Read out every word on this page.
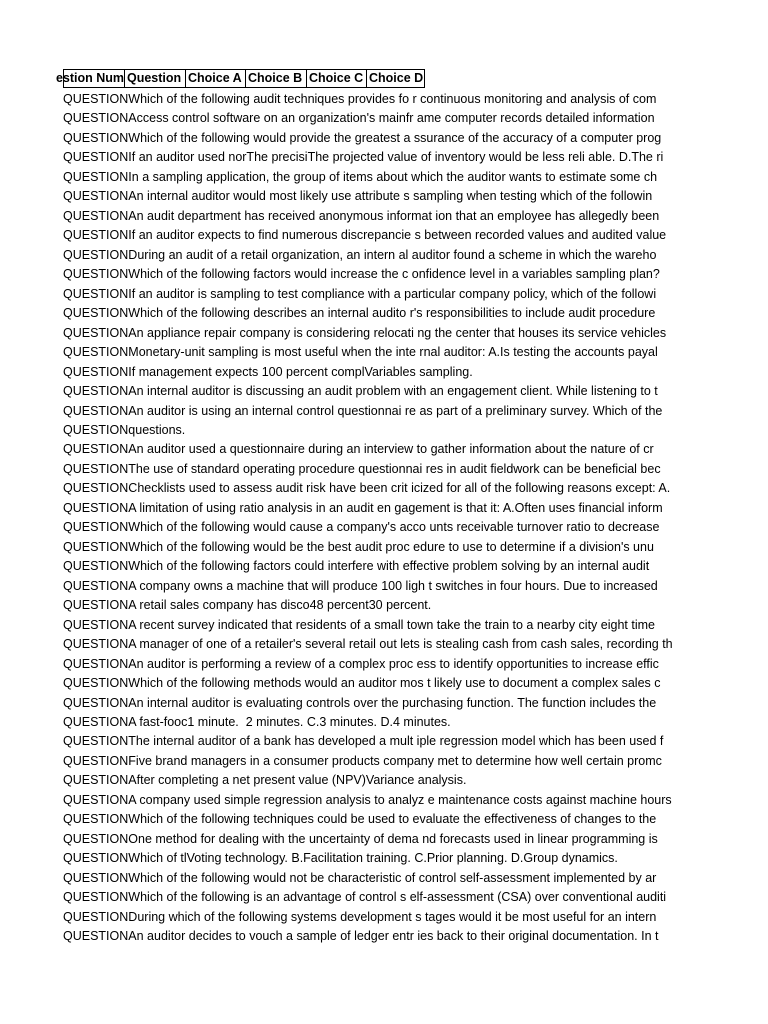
estion Num Question Choice A Choice B Choice C Choice D
QUESTIONWhich of the following audit techniques provides fo r continuous monitoring and analysis of com
QUESTIONAccess control software on an organization's mainfr ame computer records detailed information
QUESTIONWhich of the following would provide the greatest a ssurance of the accuracy of a computer prog
QUESTIONIf an auditor used norThe precisiThe projected value of inventory would be less reli able. D.The ri
QUESTIONIn a sampling application, the group of items about which the auditor wants to estimate some ch
QUESTIONAn internal auditor would most likely use attribute s sampling when testing which of the followin
QUESTIONAn audit department has received anonymous informat ion that an employee has allegedly been
QUESTIONIf an auditor expects to find numerous discrepancie s between recorded values and audited value
QUESTIONDuring an audit of a retail organization, an intern al auditor found a scheme in which the wareho
QUESTIONWhich of the following factors would increase the c onfidence level in a variables sampling plan?
QUESTIONIf an auditor is sampling to test compliance with a particular company policy, which of the followi
QUESTIONWhich of the following describes an internal audito r's responsibilities to include audit procedure
QUESTIONAn appliance repair company is considering relocati ng the center that houses its service vehicles
QUESTIONMonetary-unit sampling is most useful when the inte rnal auditor: A.Is testing the accounts payal
QUESTIONIf management expects 100 percent complVariables sampling.
QUESTIONAn internal auditor is discussing an audit problem with an engagement client. While listening to t
QUESTIONAn auditor is using an internal control questionnai re as part of a preliminary survey. Which of the
QUESTIONquestions.
QUESTIONAn auditor used a questionnaire during an interview to gather information about the nature of cr
QUESTIONThe use of standard operating procedure questionnai res in audit fieldwork can be beneficial bec
QUESTIONChecklists used to assess audit risk have been crit icized for all of the following reasons except: A.
QUESTIONA limitation of using ratio analysis in an audit en gagement is that it: A.Often uses financial inform
QUESTIONWhich of the following would cause a company's acco unts receivable turnover ratio to decrease
QUESTIONWhich of the following would be the best audit proc edure to use to determine if a division's unu
QUESTIONWhich of the following factors could interfere with effective problem solving by an internal audit
QUESTIONA company owns a machine that will produce 100 ligh t switches in four hours. Due to increased
QUESTIONA retail sales company has disco48 percent30 percent.
QUESTIONA recent survey indicated that residents of a small town take the train to a nearby city eight time
QUESTIONA manager of one of a retailer's several retail out lets is stealing cash from cash sales, recording th
QUESTIONAn auditor is performing a review of a complex proc ess to identify opportunities to increase effic
QUESTIONWhich of the following methods would an auditor mos t likely use to document a complex sales c
QUESTIONAn internal auditor is evaluating controls over the purchasing function. The function includes the
QUESTIONA fast-fooc1 minute.  2 minutes. C.3 minutes. D.4 minutes.
QUESTIONThe internal auditor of a bank has developed a mult iple regression model which has been used f
QUESTIONFive brand managers in a consumer products company met to determine how well certain promc
QUESTIONAfter completing a net present value (NPV)Variance analysis.
QUESTIONA company used simple regression analysis to analyz e maintenance costs against machine hours
QUESTIONWhich of the following techniques could be used to evaluate the effectiveness of changes to the
QUESTIONOne method for dealing with the uncertainty of dema nd forecasts used in linear programming is
QUESTIONWhich of tlVoting technology. B.Facilitation training. C.Prior planning. D.Group dynamics.
QUESTIONWhich of the following would not be characteristic of control self-assessment implemented by ar
QUESTIONWhich of the following is an advantage of control s elf-assessment (CSA) over conventional auditi
QUESTIONDuring which of the following systems development s tages would it be most useful for an intern
QUESTIONAn auditor decides to vouch a sample of ledger entr ies back to their original documentation. In t
